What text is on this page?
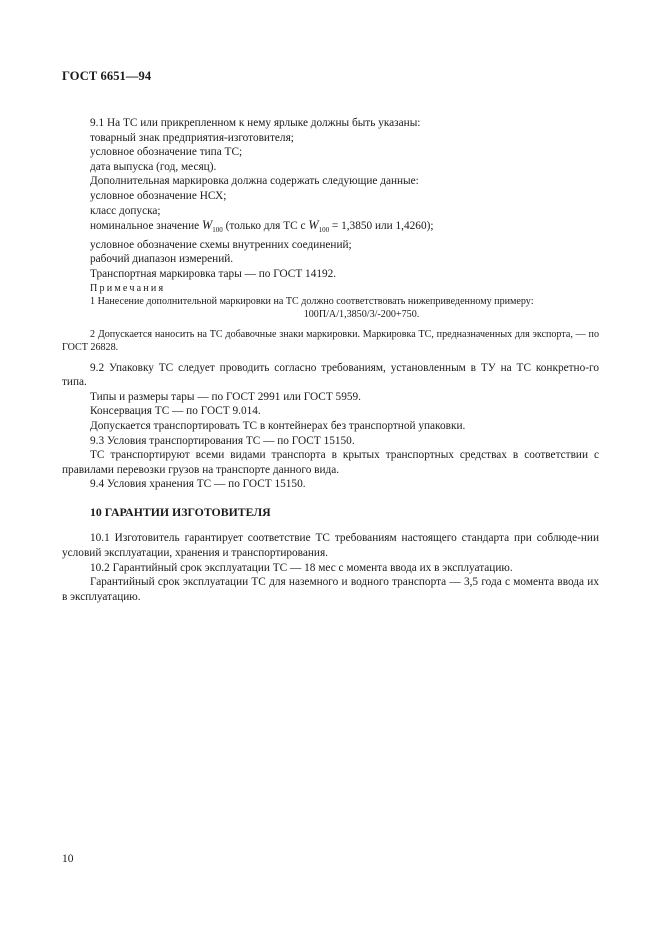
ГОСТ 6651—94

9.1 На ТС или прикрепленном к нему ярлыке должны быть указаны:

товарный знак предприятия-изготовителя;

условное обозначение типа ТС;

дата выпуска (год, месяц).

Дополнительная маркировка должна содержать следующие данные:

условное обозначение НСХ;

класс допуска;

номинальное значение $W_{100}$ (только для ТС с $W_{100} = 1,3850$ или 1,4260);

условное обозначение схемы внутренних соединений;

рабочий диапазон измерений.

Транспортная маркировка тары — по ГОСТ 14192.

Примечания

1 Нанесение дополнительной маркировки на ТС должно соответствовать нижеприведенному примеру:

100П/А/1,3850/3/-200+750.

2 Допускается наносить на ТС добавочные знаки маркировки. Маркировка ТС, предназначенных для экспорта, — по ГОСТ 26828.

9.2 Упаковку ТС следует проводить согласно требованиям, установленным в ТУ на ТС конкретно-го типа.

Типы и размеры тары — по ГОСТ 2991 или ГОСТ 5959.

Консервация ТС — по ГОСТ 9.014.

Допускается транспортировать ТС в контейнерах без транспортной упаковки.

9.3 Условия транспортирования ТС — по ГОСТ 15150.

ТС транспортируют всеми видами транспорта в крытых транспортных средствах в соответствии с правилами перевозки грузов на транспорте данного вида.

9.4 Условия хранения ТС — по ГОСТ 15150.

10 ГАРАНТИИ ИЗГОТОВИТЕЛЯ

10.1 Изготовитель гарантирует соответствие ТС требованиям настоящего стандарта при соблюде-нии условий эксплуатации, хранения и транспортирования.

10.2 Гарантийный срок эксплуатации ТС — 18 мес с момента ввода их в эксплуатацию.

Гарантийный срок эксплуатации ТС для наземного и водного транспорта — 3,5 года с момента ввода их в эксплуатацию.

10
